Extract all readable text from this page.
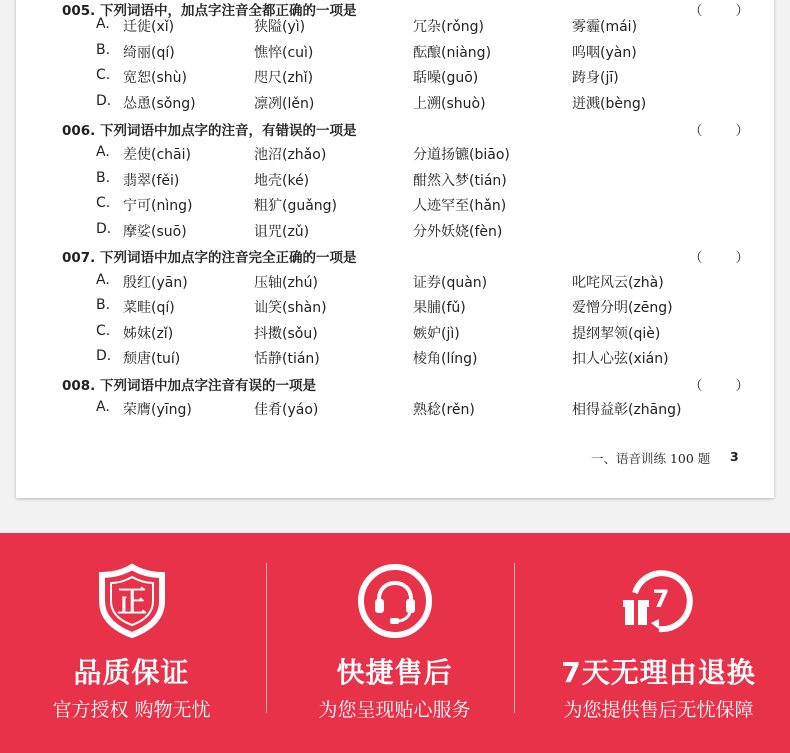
005. 下列词语中，加点字注音全都正确的一项是	（　　）
A. 迁徙(xǐ)	狭隘(yì)	冗杂(rǒng)	雾霾(mái)
B. 绮丽(qí)	憔悴(cuì)	酝酿(niàng)	呜咽(yàn)
C. 宽恕(shù)	咫尺(zhǐ)	聒噪(guō)	踌身(jī)
D. 怂恿(sǒng)	凛冽(lěn)	上溯(shuò)	迸溅(bèng)
006. 下列词语中加点字的注音，有错误的一项是	（　　）
A. 差使(chāi)	池沼(zhǎo)	分道扬镳(biāo)
B. 翡翠(fěi)	地壳(ké)	酣然入梦(tián)
C. 宁可(nìng)	粗犷(guǎng)	人迹罕至(hǎn)
D. 摩娑(suō)	诅咒(zǔ)	分外妖娆(fèn)
007. 下列词语中加点字的注音完全正确的一项是	（　　）
A. 殷红(yān)	压轴(zhú)	证券(quàn)	叱咤风云(zhà)
B. 菜畦(qí)	讪笑(shàn)	果脯(fǔ)	爱憎分明(zēng)
C. 姊妹(zǐ)	抖擞(sǒu)	嫉妒(jì)	提纲挈领(qiè)
D. 颓唐(tuí)	恬静(tián)	棱角(líng)	扣人心弦(xián)
008. 下列词语中加点字注音有误的一项是	（　　）
A. 荣膺(yīng)	佳肴(yáo)	熟稔(rěn)	相得益彰(zhāng)
一、语音训练 100 题 3
正
品质保证
官方授权 购物无忧
快捷售后
为您呈现贴心服务
7
7天无理由退换
为您提供售后无忧保障
